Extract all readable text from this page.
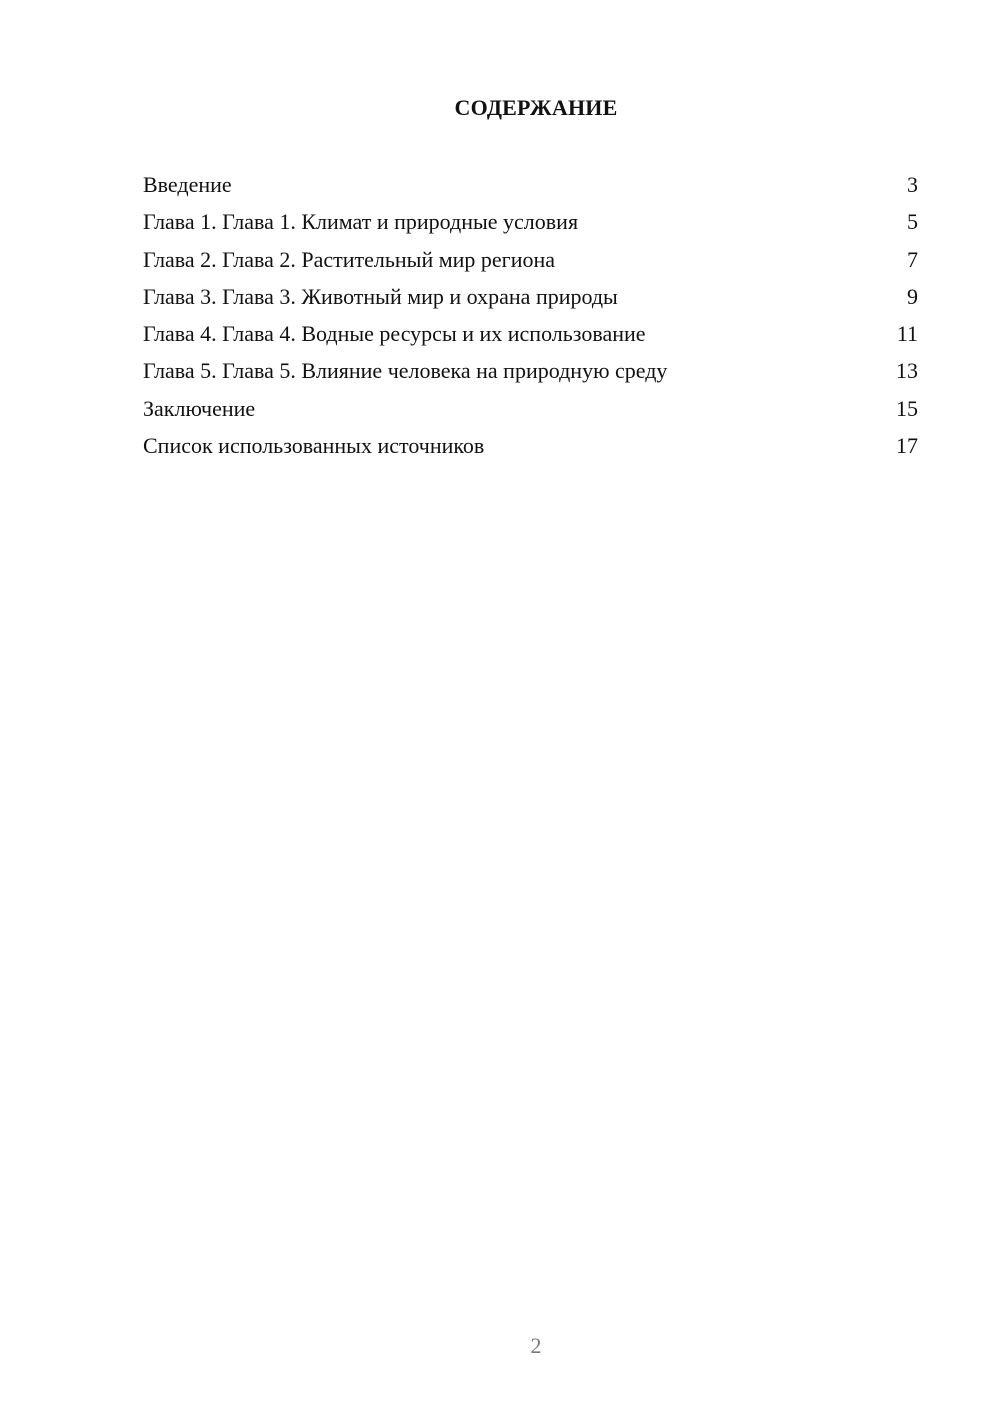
СОДЕРЖАНИЕ
Введение	3
Глава 1. Глава 1. Климат и природные условия	5
Глава 2. Глава 2. Растительный мир региона	7
Глава 3. Глава 3. Животный мир и охрана природы	9
Глава 4. Глава 4. Водные ресурсы и их использование	11
Глава 5. Глава 5. Влияние человека на природную среду	13
Заключение	15
Список использованных источников	17
2
